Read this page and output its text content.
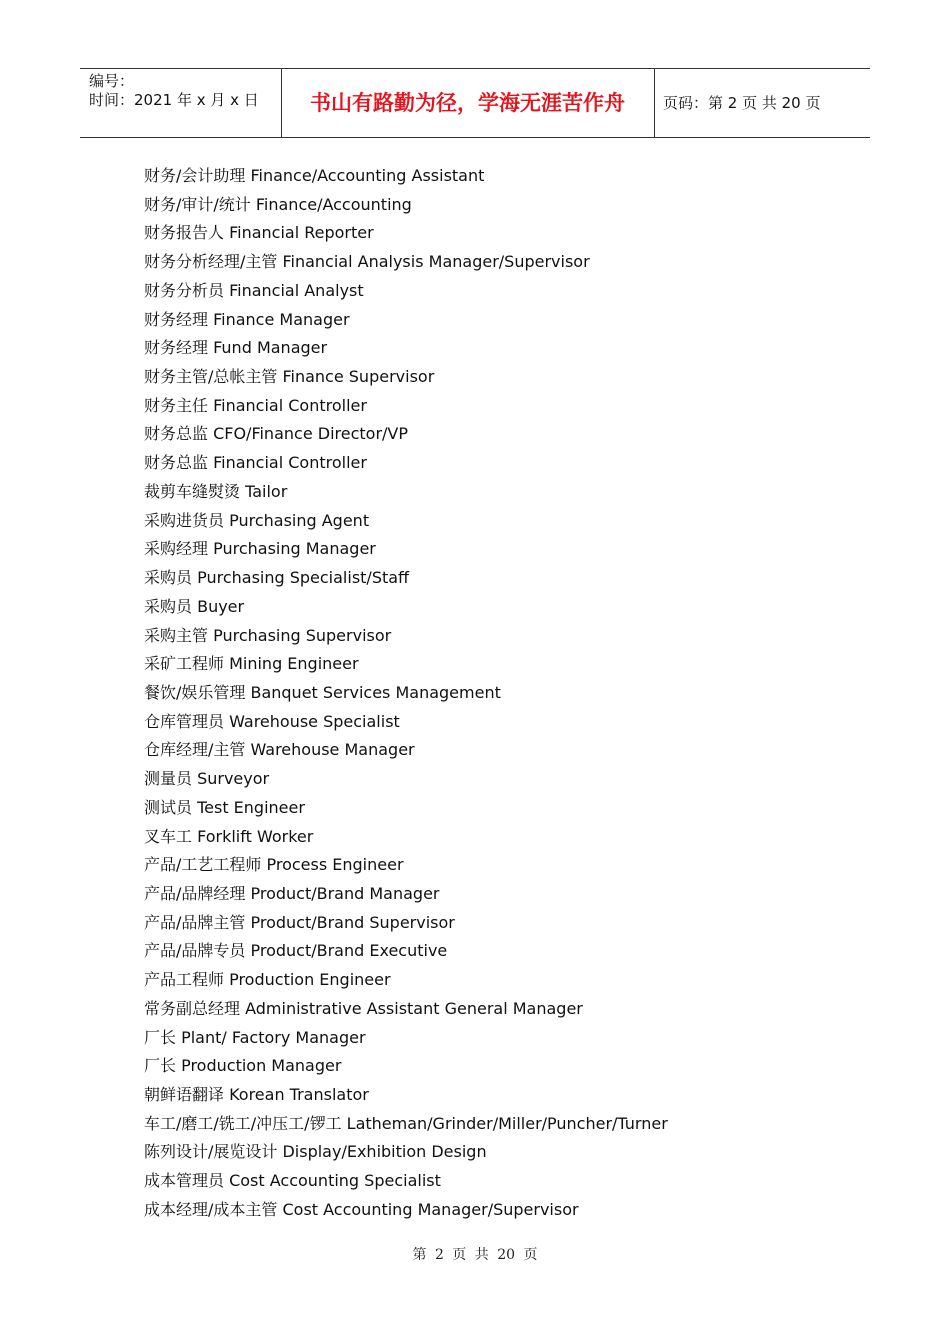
编号：
时间：2021 年 x 月 x 日	书山有路勤为径，学海无涯苦作舟	页码：第 2 页 共 20 页
财务/会计助理 Finance/Accounting Assistant
财务/审计/统计 Finance/Accounting
财务报告人 Financial Reporter
财务分析经理/主管 Financial Analysis Manager/Supervisor
财务分析员 Financial Analyst
财务经理 Finance Manager
财务经理 Fund Manager
财务主管/总帐主管 Finance Supervisor
财务主任 Financial Controller
财务总监 CFO/Finance Director/VP
财务总监 Financial Controller
裁剪车缝熨烫 Tailor
采购进货员 Purchasing Agent
采购经理 Purchasing Manager
采购员 Purchasing Specialist/Staff
采购员 Buyer
采购主管 Purchasing Supervisor
采矿工程师 Mining Engineer
餐饮/娱乐管理 Banquet Services Management
仓库管理员 Warehouse Specialist
仓库经理/主管 Warehouse Manager
测量员 Surveyor
测试员 Test Engineer
叉车工 Forklift Worker
产品/工艺工程师 Process Engineer
产品/品牌经理 Product/Brand Manager
产品/品牌主管 Product/Brand Supervisor
产品/品牌专员 Product/Brand Executive
产品工程师 Production Engineer
常务副总经理 Administrative Assistant General Manager
厂长 Plant/ Factory Manager
厂长 Production Manager
朝鲜语翻译 Korean Translator
车工/磨工/铣工/冲压工/锣工 Latheman/Grinder/Miller/Puncher/Turner
陈列设计/展览设计 Display/Exhibition Design
成本管理员 Cost Accounting Specialist
成本经理/成本主管 Cost Accounting Manager/Supervisor
第 2 页 共 20 页
